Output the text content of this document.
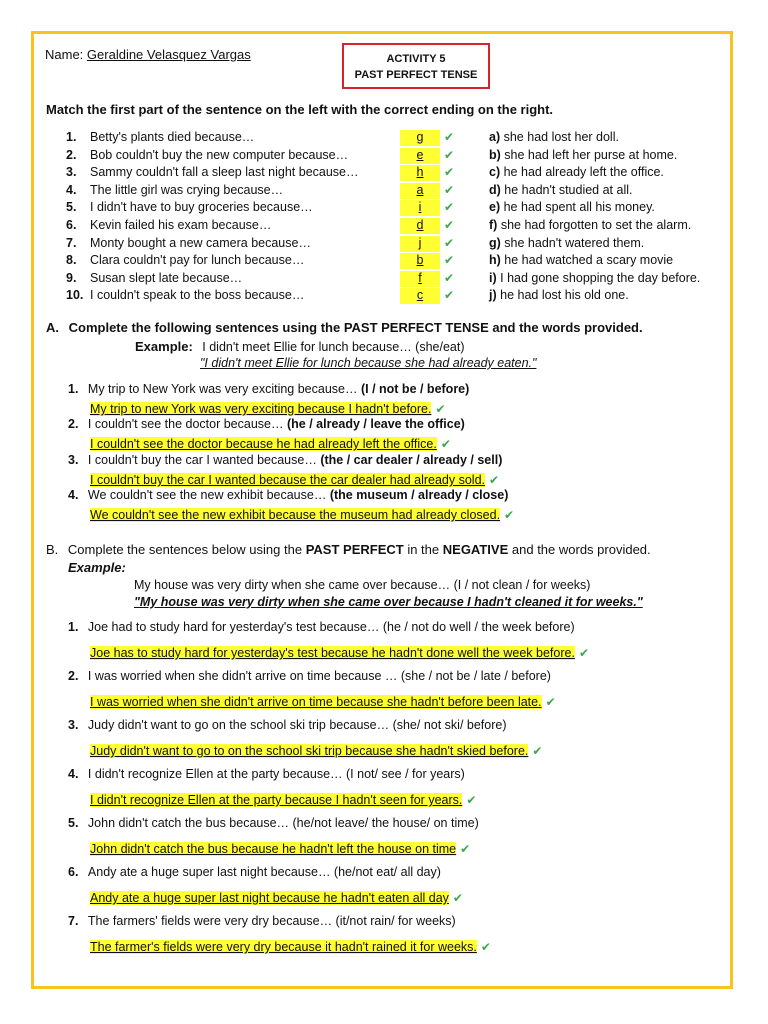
Name: Geraldine Velasquez Vargas	ACTIVITY 5
PAST PERFECT TENSE
Match the first part of the sentence on the left with the correct ending on the right.
1.	Betty's plants died because…	g	✔	a) she had lost her doll.
2.	Bob couldn't buy the new computer because…	e	✔	b) she had left her purse at home.
3.	Sammy couldn't fall a sleep last night because…	h	✔	c) he had already left the office.
4.	The little girl was crying because…	a	✔	d) he hadn't studied at all.
5.	I didn't have to buy groceries because…	i	✔	e) he had spent all his money.
6.	Kevin failed his exam because…	d	✔	f) she had forgotten to set the alarm.
7.	Monty bought a new camera because…	j	✔	g) she hadn't watered them.
8.	Clara couldn't pay for lunch because…	b	✔	h) he had watched a scary movie
9.	Susan slept late because…	f	✔	i) I had gone shopping the day before.
10. I couldn't speak to the boss because…	c	✔	j) he had lost his old one.
A. Complete the following sentences using the PAST PERFECT TENSE and the words provided.
Example: I didn't meet Ellie for lunch because… (she/eat)
"I didn't meet Ellie for lunch because she had already eaten."
1. My trip to New York was very exciting because… (I / not be / before)
My trip to new York was very exciting because I hadn't before. ✔
2. I couldn't see the doctor because… (he / already / leave the office)
I couldn't see the doctor because he had already left the office. ✔
3. I couldn't buy the car I wanted because… (the / car dealer / already / sell)
I couldn't buy the car I wanted because the car dealer had already sold. ✔
4. We couldn't see the new exhibit because… (the museum / already / close)
We couldn't see the new exhibit because the museum had already closed. ✔
B. Complete the sentences below using the PAST PERFECT in the NEGATIVE and the words provided.
Example:
My house was very dirty when she came over because… (I / not clean / for weeks)
"My house was very dirty when she came over because I hadn't cleaned it for weeks."
1. Joe had to study hard for yesterday's test because… (he / not do well / the week before)
Joe has to study hard for yesterday's test because he hadn't done well the week before. ✔
2. I was worried when she didn't arrive on time because … (she / not be / late / before)
I was worried when she didn't arrive on time because she hadn't before been late. ✔
3. Judy didn't want to go on the school ski trip because… (she/ not ski/ before)
Judy didn't want to go to on the school ski trip because she hadn't skied before. ✔
4. I didn't recognize Ellen at the party because… (I not/ see / for years)
I didn't recognize Ellen at the party because I hadn't seen for years. ✔
5. John didn't catch the bus because… (he/not leave/ the house/ on time)
John didn't catch the bus because he hadn't left the house on time ✔
6. Andy ate a huge super last night because… (he/not eat/ all day)
Andy ate a huge super last night because he hadn't eaten all day ✔
7. The farmers' fields were very dry because… (it/not rain/ for weeks)
The farmer's fields were very dry because it hadn't rained it for weeks. ✔
